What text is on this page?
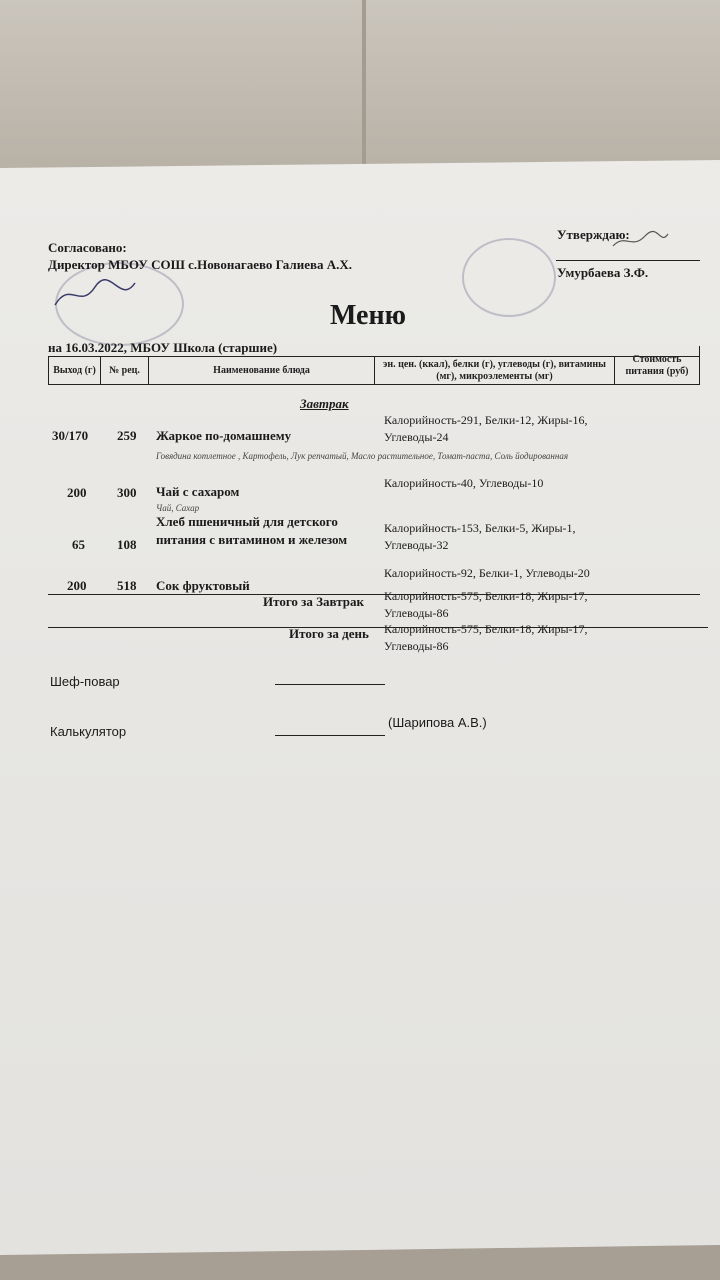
Согласовано:
Директор МБОУ СОШ с.Новонагаево Галиева А.Х.
Утверждаю:
Умурбаева З.Ф.
Меню
на 16.03.2022, МБОУ Школа (старшие)
Выход (г)	№ рец.	Наименование блюда
эн. цен. (ккал), белки (г), углеводы (г), витамины (мг), микроэлементы (мг)
Стоимость питания (руб)
Завтрак
30/170 259 Жаркое по-домашнему
Говядина котлетное , Картофель, Лук репчатый, Масло растительное, Томат-паста, Соль йодированная
Калорийность-291, Белки-12, Жиры-16, Углеводы-24
200 300 Чай с сахаром
Чай, Сахар
Калорийность-40, Углеводы-10
65 108
Хлеб пшеничный для детского питания с витамином и железом
Калорийность-153, Белки-5, Жиры-1, Углеводы-32
200 518 Сок фруктовый
Калорийность-92, Белки-1, Углеводы-20
Итого за Завтрак Калорийность-575, Белки-18, Жиры-17, Углеводы-86
Итого за день Калорийность-575, Белки-18, Жиры-17, Углеводы-86
Шеф-повар
Калькулятор
(Шарипова А.В.)
